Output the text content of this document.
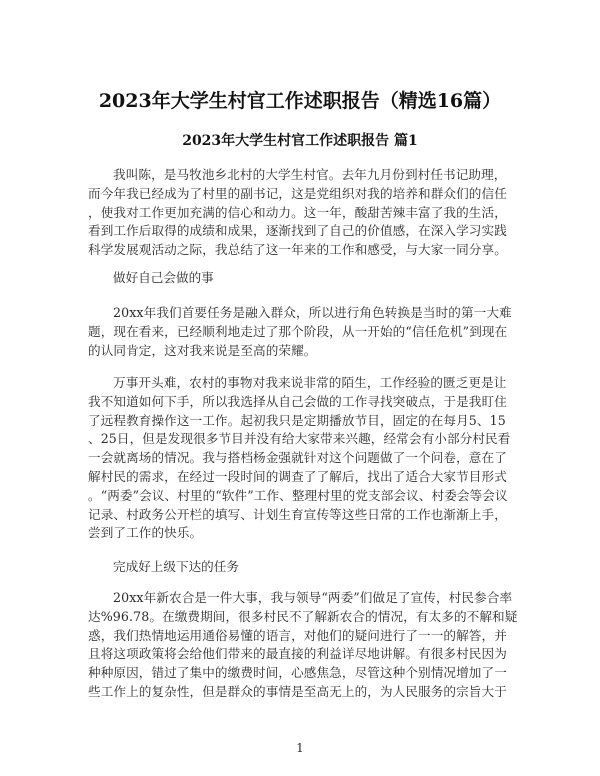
2023年大学生村官工作述职报告（精选16篇）
2023年大学生村官工作述职报告 篇1
我叫陈，是马牧池乡北村的大学生村官。去年九月份到村任书记助理，
而今年我已经成为了村里的副书记，这是党组织对我的培养和群众们的信任
，使我对工作更加充满的信心和动力。这一年，酸甜苦辣丰富了我的生活，
看到工作后取得的成绩和成果，逐渐找到了自己的价值感，在深入学习实践
科学发展观活动之际，我总结了这一年来的工作和感受，与大家一同分享。
做好自己会做的事
20xx年我们首要任务是融入群众，所以进行角色转换是当时的第一大难
题，现在看来，已经顺利地走过了那个阶段，从一开始的“信任危机”到现在
的认同肯定，这对我来说是至高的荣耀。
万事开头难，农村的事物对我来说非常的陌生，工作经验的匮乏更是让
我不知道如何下手，所以我选择从自己会做的工作寻找突破点，于是我盯住
了远程教育操作这一工作。起初我只是定期播放节目，固定的在每月5、15
、25日，但是发现很多节目并没有给大家带来兴趣，经常会有小部分村民看
一会就离场的情况。我与搭档杨金强就针对这个问题做了一个问卷，意在了
解村民的需求，在经过一段时间的调查了了解后，找出了适合大家节目形式
。“两委”会议、村里的“软件”工作、整理村里的党支部会议、村委会等会议
记录、村政务公开栏的填写、计划生育宣传等这些日常的工作也渐渐上手，
尝到了工作的快乐。
完成好上级下达的任务
20xx年新农合是一件大事，我与领导“两委”们做足了宣传，村民参合率
达%96.78。在缴费期间，很多村民不了解新农合的情况，有太多的不解和疑
惑，我们热情地运用通俗易懂的语言，对他们的疑问进行了一一的解答，并
且将这项政策将会给他们带来的最直接的利益详尽地讲解。有很多村民因为
种种原因，错过了集中的缴费时间，心感焦急，尽管这种个别情况增加了一
些工作上的复杂性，但是群众的事情是至高无上的，为人民服务的宗旨大于
1
